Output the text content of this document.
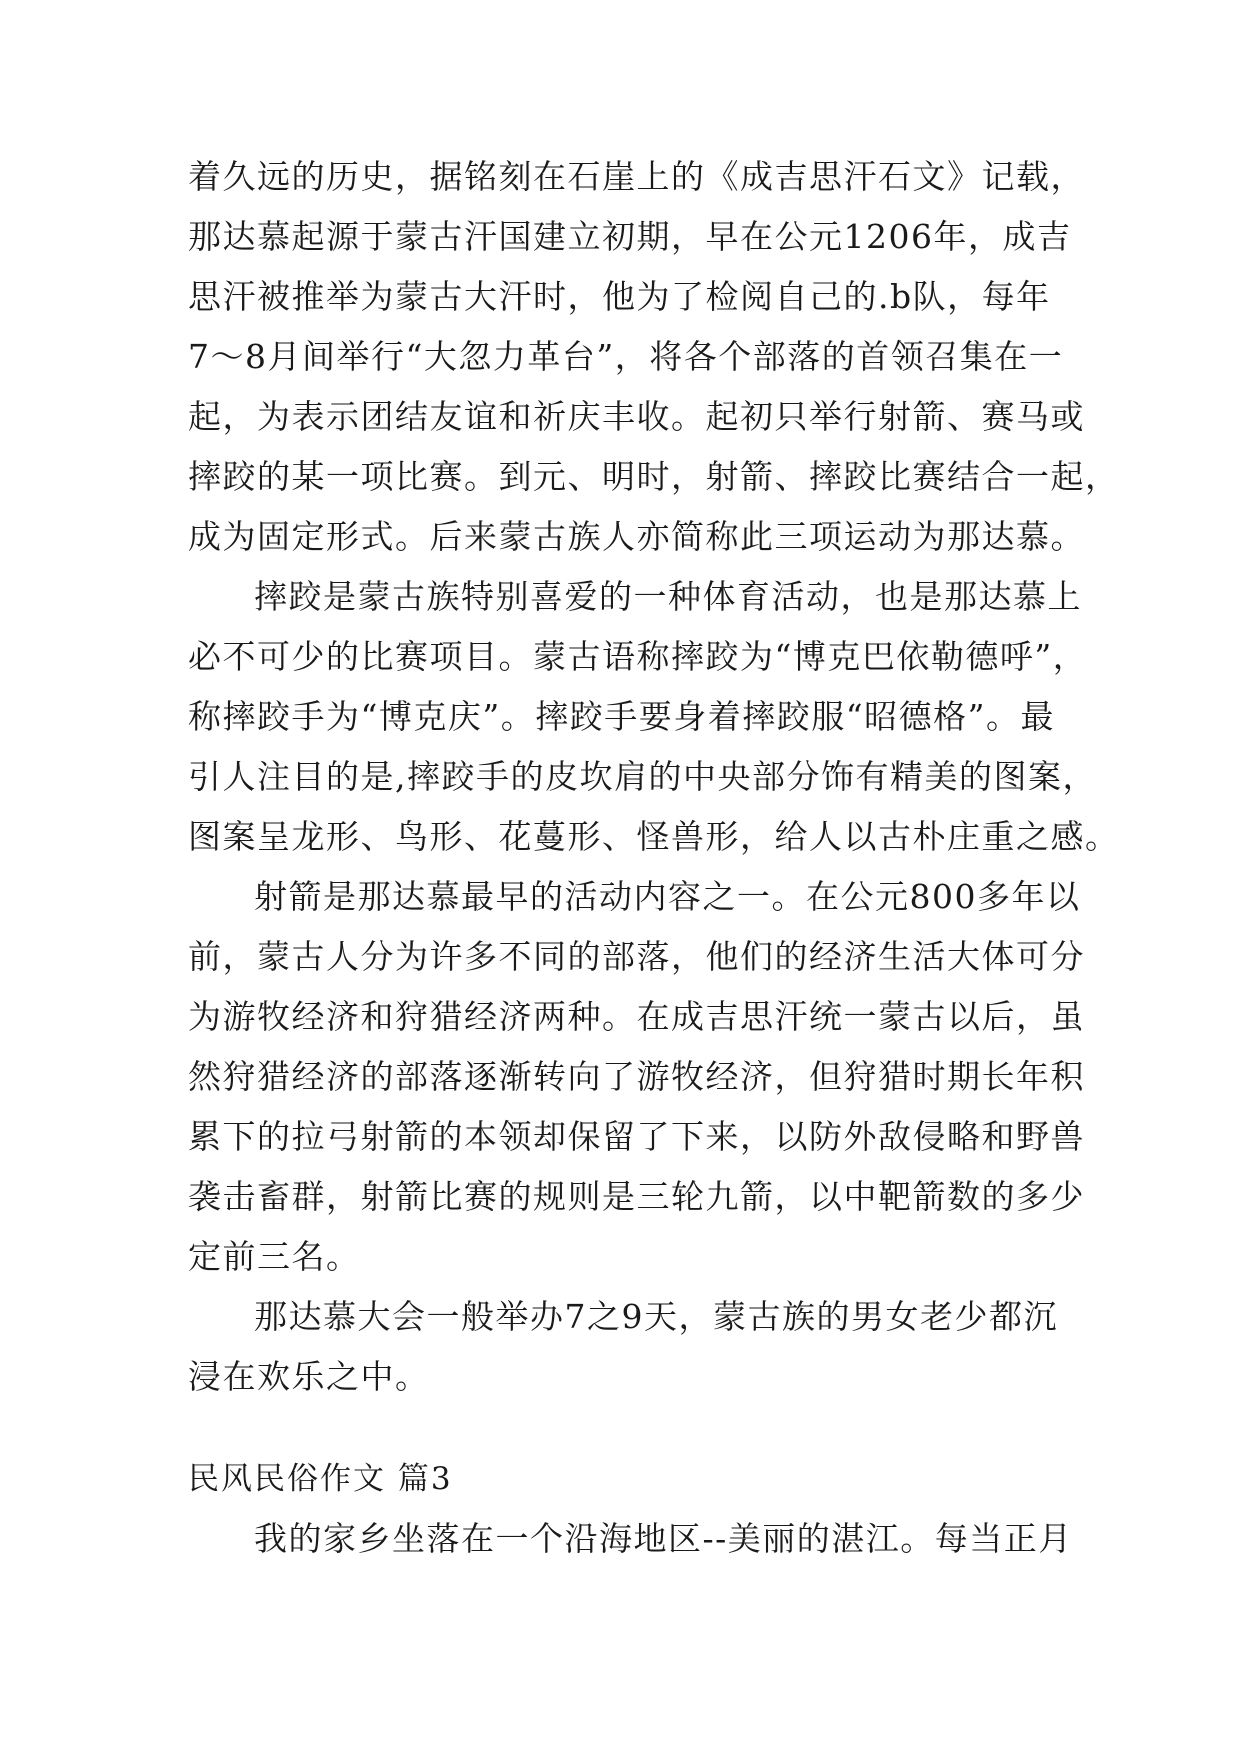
着久远的历史，据铭刻在石崖上的《成吉思汗石文》记载，
那达慕起源于蒙古汗国建立初期，早在公元1206年，成吉
思汗被推举为蒙古大汗时，他为了检阅自己的.b队，每年
7～8月间举行“大忽力革台”，将各个部落的首领召集在一
起，为表示团结友谊和祈庆丰收。起初只举行射箭、赛马或
摔跤的某一项比赛。到元、明时，射箭、摔跤比赛结合一起，
成为固定形式。后来蒙古族人亦简称此三项运动为那达慕。
摔跤是蒙古族特别喜爱的一种体育活动，也是那达慕上
必不可少的比赛项目。蒙古语称摔跤为“博克巴依勒德呼”，
称摔跤手为“博克庆”。摔跤手要身着摔跤服“昭德格”。最
引人注目的是,摔跤手的皮坎肩的中央部分饰有精美的图案，
图案呈龙形、鸟形、花蔓形、怪兽形，给人以古朴庄重之感。
射箭是那达慕最早的活动内容之一。在公元800多年以
前，蒙古人分为许多不同的部落，他们的经济生活大体可分
为游牧经济和狩猎经济两种。在成吉思汗统一蒙古以后，虽
然狩猎经济的部落逐渐转向了游牧经济，但狩猎时期长年积
累下的拉弓射箭的本领却保留了下来，以防外敌侵略和野兽
袭击畜群，射箭比赛的规则是三轮九箭，以中靶箭数的多少
定前三名。
那达慕大会一般举办7之9天，蒙古族的男女老少都沉
浸在欢乐之中。
民风民俗作文 篇3
我的家乡坐落在一个沿海地区--美丽的湛江。每当正月
